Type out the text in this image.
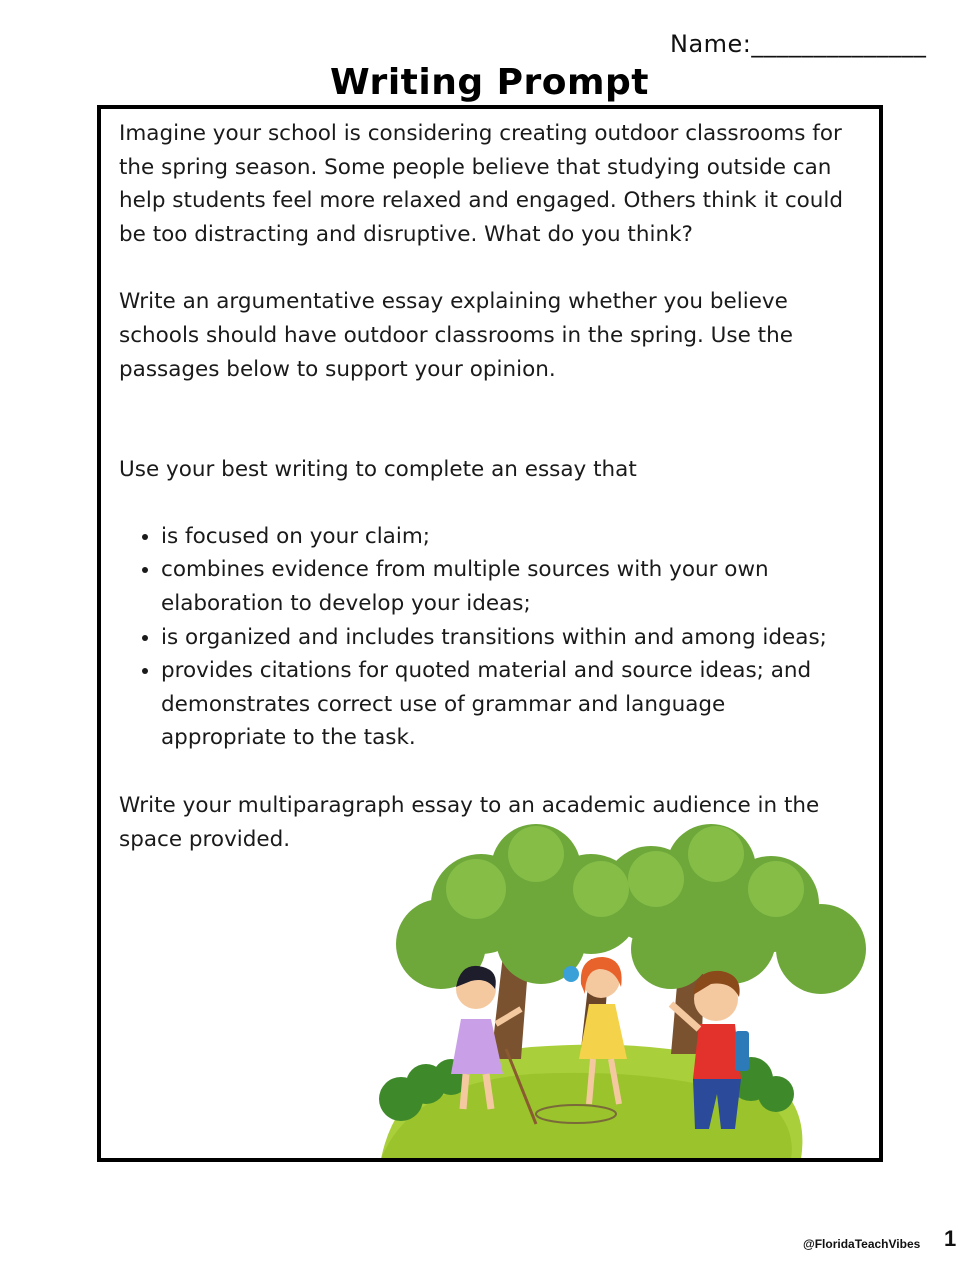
Name:______________
Writing Prompt

Imagine your school is considering creating outdoor classrooms for the spring season. Some people believe that studying outside can help students feel more relaxed and engaged. Others think it could be too distracting and disruptive. What do you think?

Write an argumentative essay explaining whether you believe schools should have outdoor classrooms in the spring. Use the passages below to support your opinion.

Use your best writing to complete an essay that

• is focused on your claim;
• combines evidence from multiple sources with your own elaboration to develop your ideas;
• is organized and includes transitions within and among ideas;
• provides citations for quoted material and source ideas; and demonstrates correct use of grammar and language appropriate to the task.

Write your multiparagraph essay to an academic audience in the space provided.

@FloridaTeachVibes 1
